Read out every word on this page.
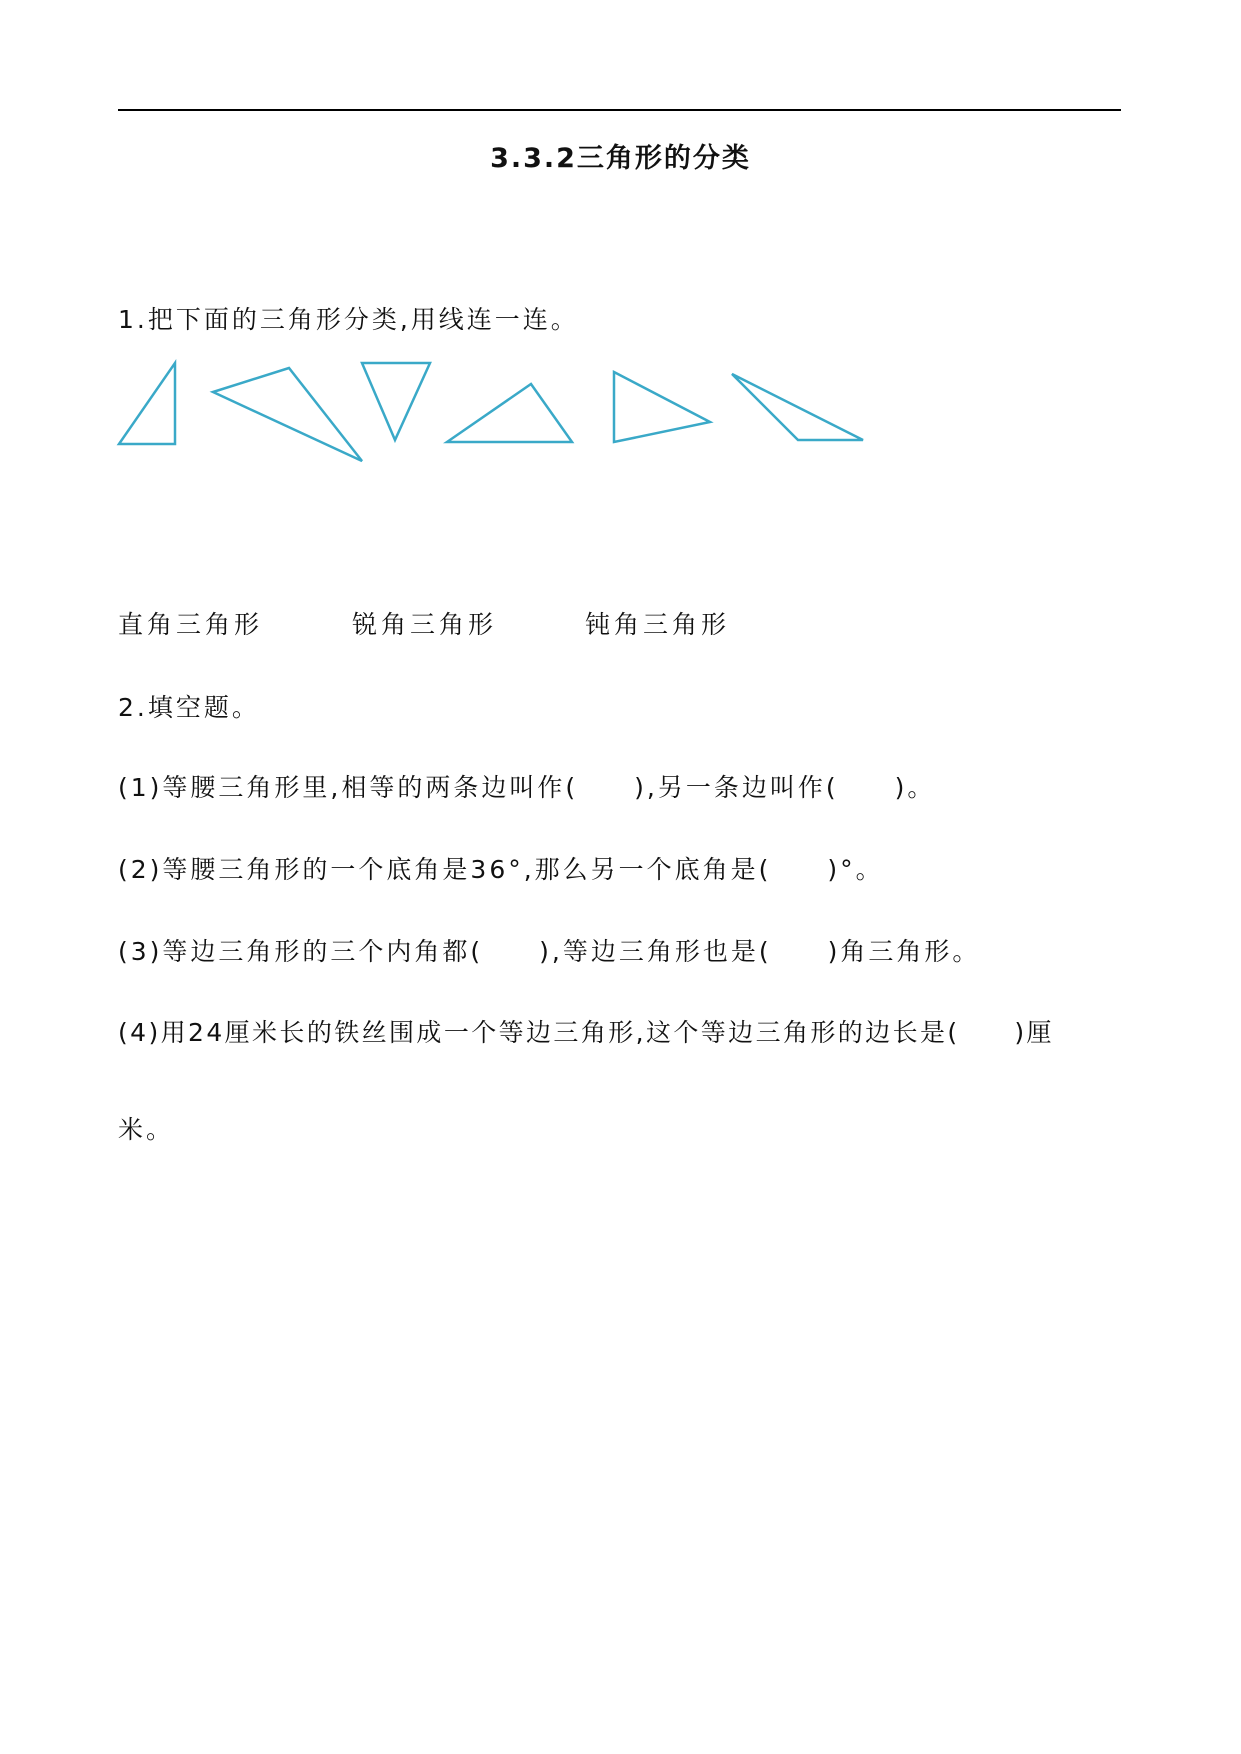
3.3.2三角形的分类
1.把下面的三角形分类,用线连一连。
直角三角形	锐角三角形	钝角三角形
2.填空题。
(1)等腰三角形里,相等的两条边叫作(　　),另一条边叫作(　　)。
(2)等腰三角形的一个底角是36°,那么另一个底角是(　　)°。
(3)等边三角形的三个内角都(　　),等边三角形也是(　　)角三角形。
(4)用24厘米长的铁丝围成一个等边三角形,这个等边三角形的边长是(　　)厘
米。
